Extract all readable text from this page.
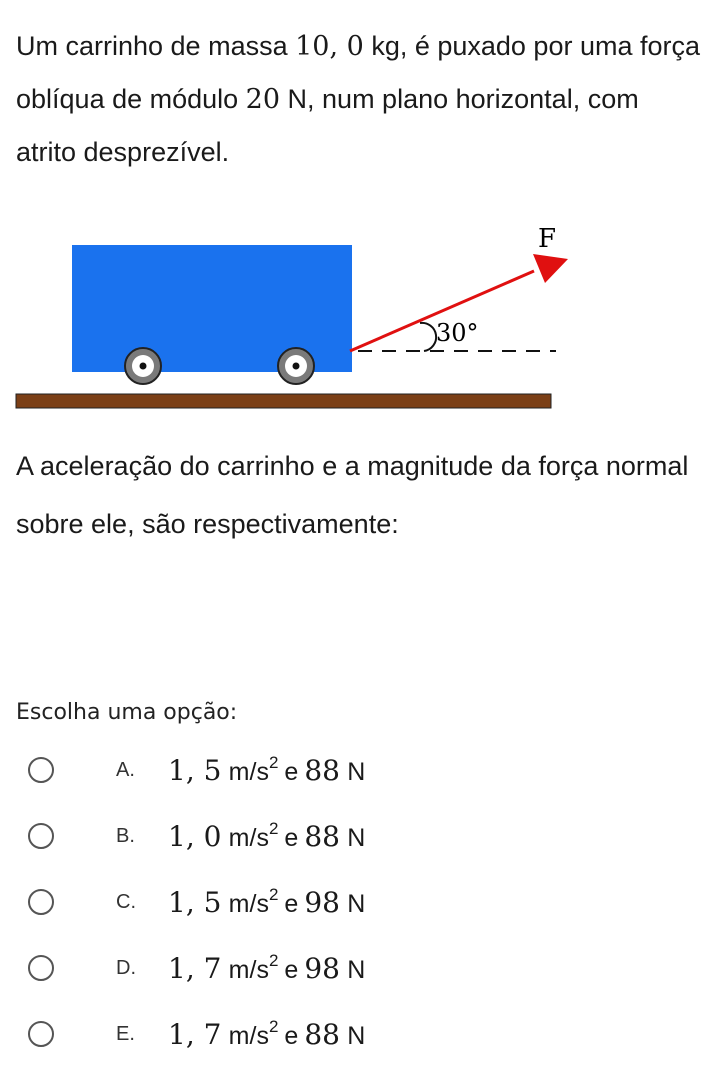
Um carrinho de massa 10, 0 kg, é puxado por uma força oblíqua de módulo 20 N, num plano horizontal, com atrito desprezível.

30°
F

A aceleração do carrinho e a magnitude da força normal sobre ele, são respectivamente:

Escolha uma opção:
A. 1, 5 $m/s^2$ e 88 N
B. 1, 0 $m/s^2$ e 88 N
C. 1, 5 $m/s^2$ e 98 N
D. 1, 7 $m/s^2$ e 98 N
E. 1, 7 $m/s^2$ e 88 N
